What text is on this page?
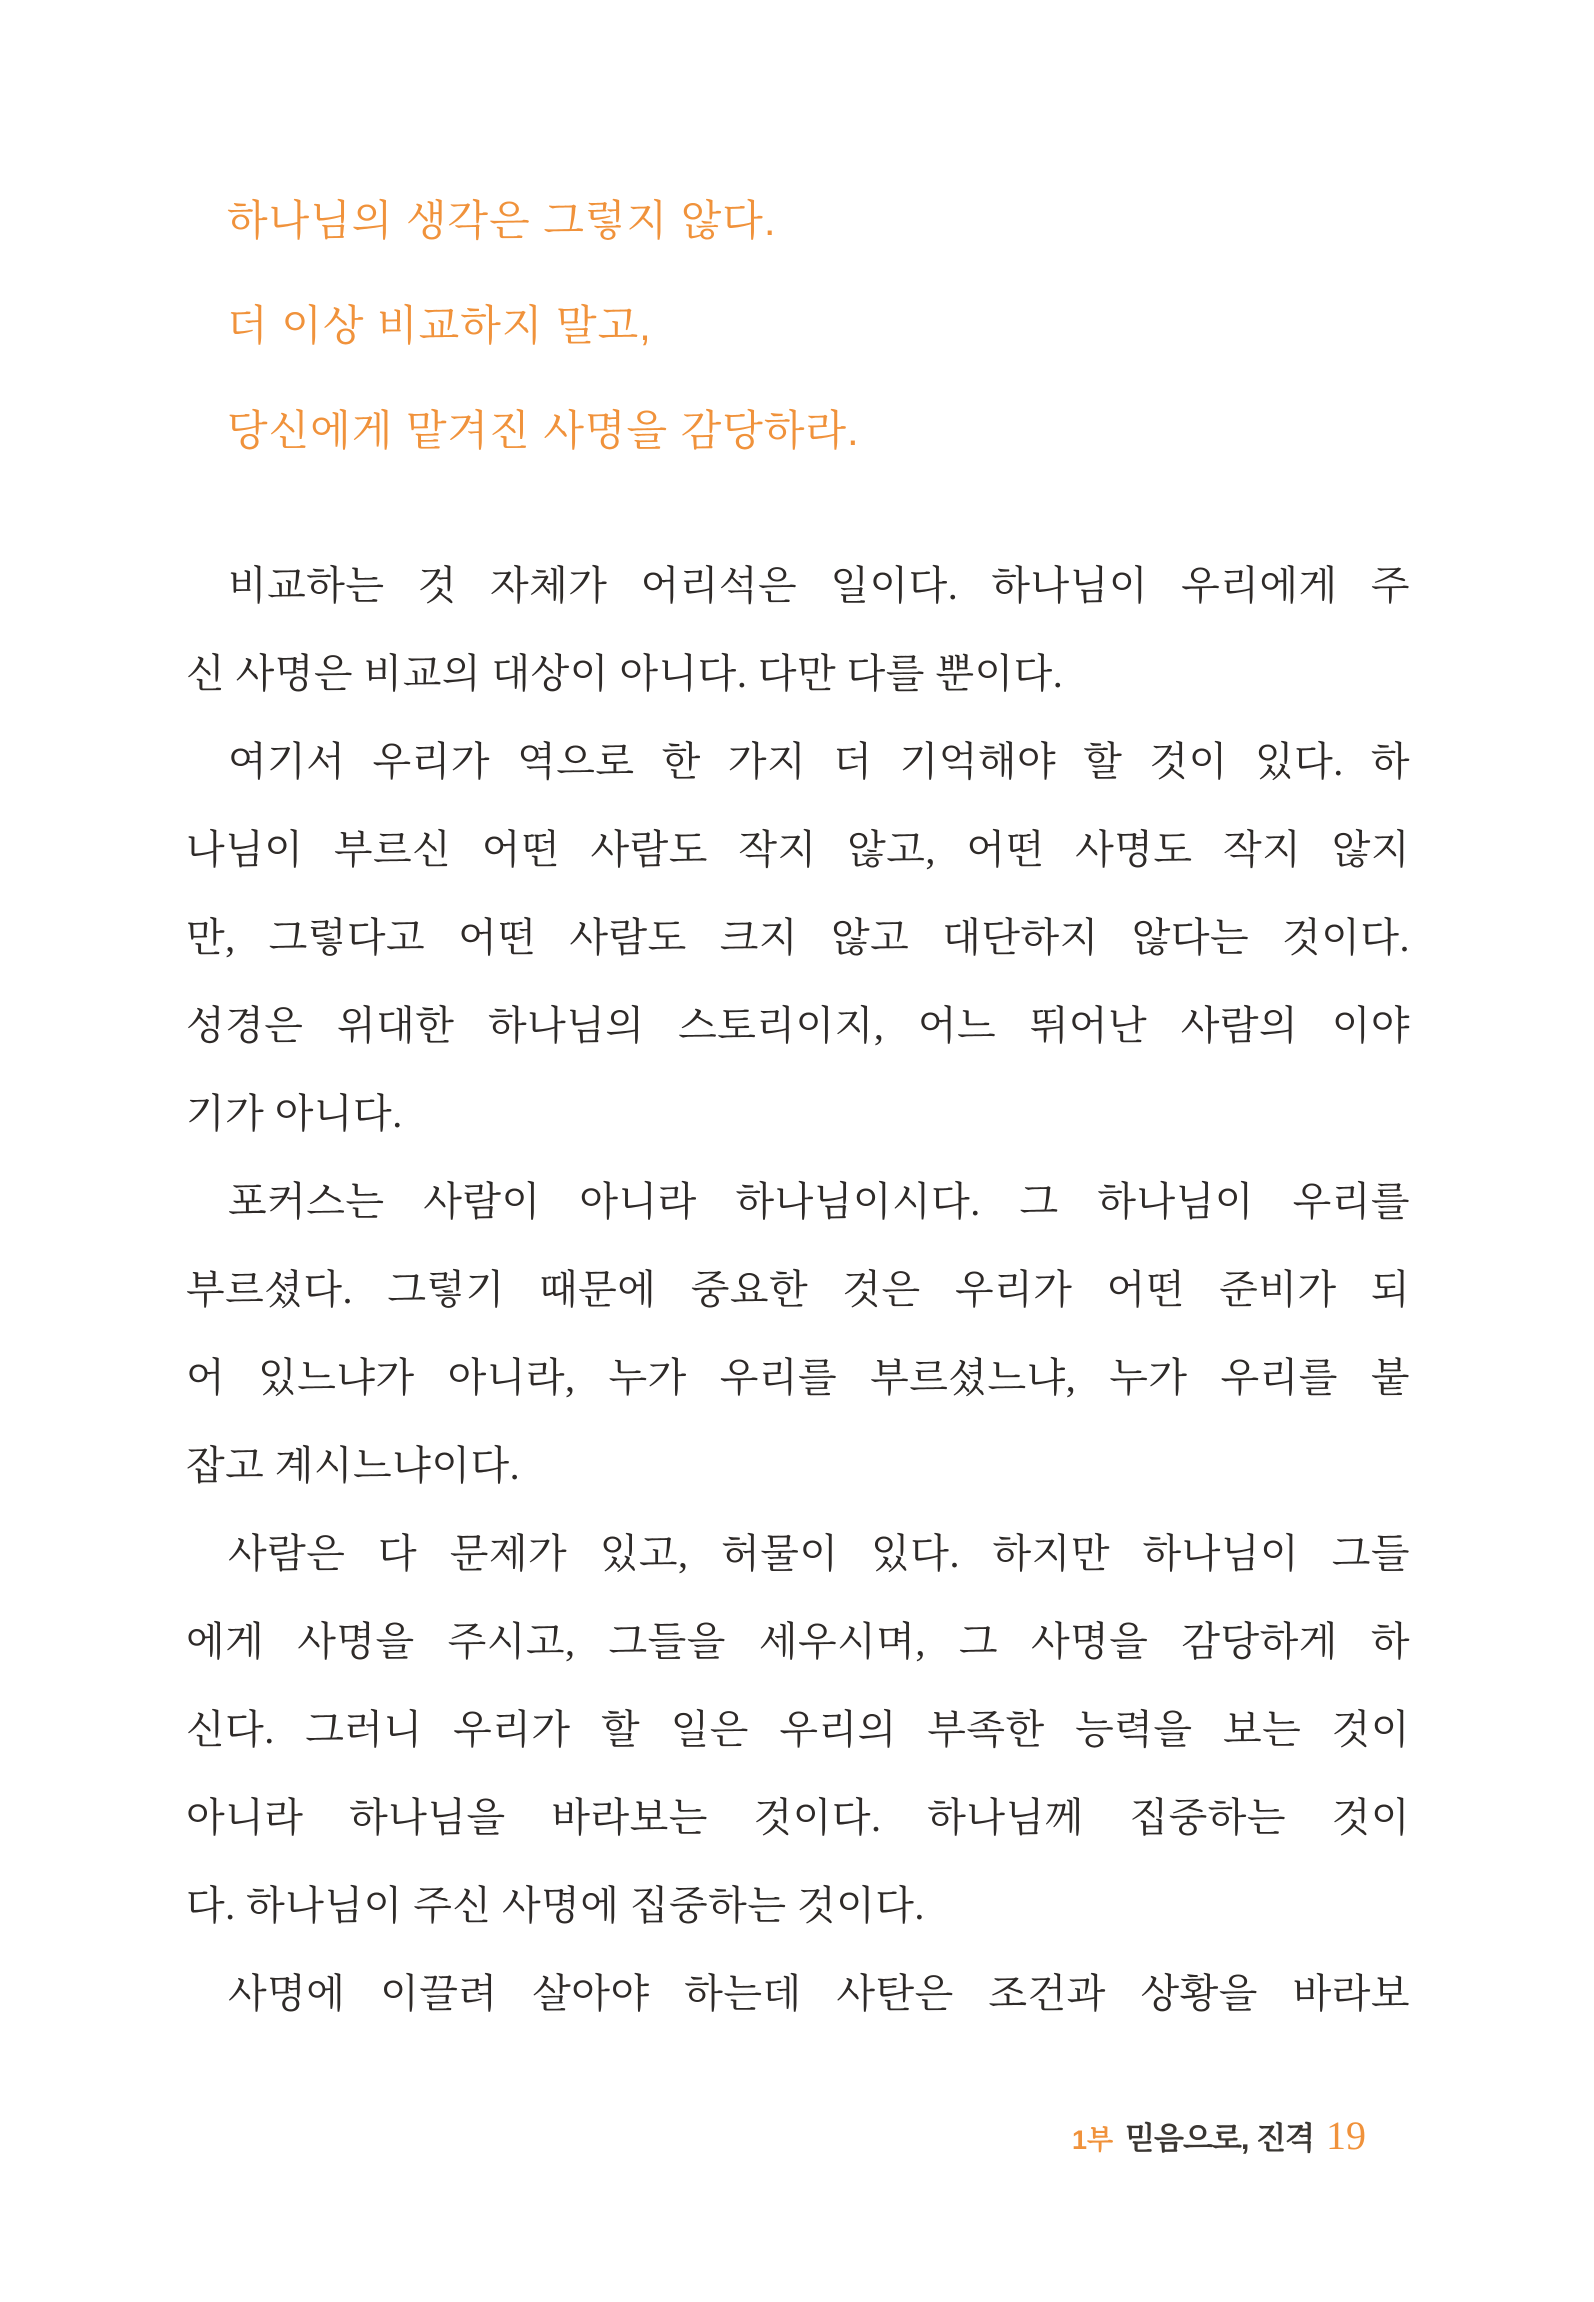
하나님의 생각은 그렇지 않다.
더 이상 비교하지 말고,
당신에게 맡겨진 사명을 감당하라.
비교하는 것 자체가 어리석은 일이다. 하나님이 우리에게 주
신 사명은 비교의 대상이 아니다. 다만 다를 뿐이다.
여기서 우리가 역으로 한 가지 더 기억해야 할 것이 있다. 하
나님이 부르신 어떤 사람도 작지 않고, 어떤 사명도 작지 않지
만, 그렇다고 어떤 사람도 크지 않고 대단하지 않다는 것이다.
성경은 위대한 하나님의 스토리이지, 어느 뛰어난 사람의 이야
기가 아니다.
포커스는 사람이 아니라 하나님이시다. 그 하나님이 우리를
부르셨다. 그렇기 때문에 중요한 것은 우리가 어떤 준비가 되
어 있느냐가 아니라, 누가 우리를 부르셨느냐, 누가 우리를 붙
잡고 계시느냐이다.
사람은 다 문제가 있고, 허물이 있다. 하지만 하나님이 그들
에게 사명을 주시고, 그들을 세우시며, 그 사명을 감당하게 하
신다. 그러니 우리가 할 일은 우리의 부족한 능력을 보는 것이
아니라 하나님을 바라보는 것이다. 하나님께 집중하는 것이
다. 하나님이 주신 사명에 집중하는 것이다.
사명에 이끌려 살아야 하는데 사탄은 조건과 상황을 바라보
1부 믿음으로, 진격 19
